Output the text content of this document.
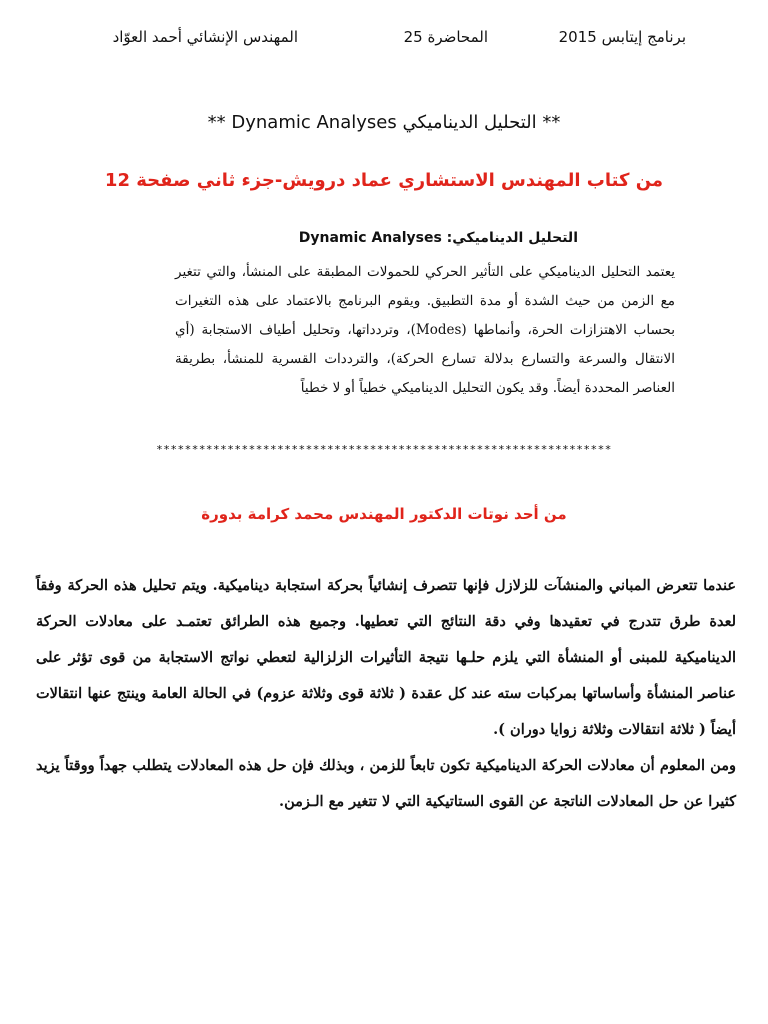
برنامج إيتابس 2015
المحاضرة 25
المهندس الإنشائي أحمد العوّاد
** التحليل الديناميكي Dynamic Analyses **
من كتاب المهندس الاستشاري عماد درويش-جزء ثاني صفحة 12
التحليل الديناميكي: Dynamic Analyses
يعتمد التحليل الديناميكي على التأثير الحركي للحمولات المطبقة على المنشأ، والتي تتغير مع الزمن من حيث الشدة أو مدة التطبيق. ويقوم البرنامج بالاعتماد على هذه التغيرات بحساب الاهتزازات الحرة، وأنماطها (Modes)، وتردداتها، وتحليل أطياف الاستجابة (أي الانتقال والسرعة والتسارع بدلالة تسارع الحركة)، والترددات القسرية للمنشأ، بطريقة العناصر المحددة أيضاً. وقد يكون التحليل الديناميكي خطياً أو لا خطياً
****************************************************************
من أحد نوتات الدكتور المهندس محمد كرامة بدورة

عندما تتعرض المباني والمنشآت للزلازل فإنها تتصرف إنشائياً بحركة استجابة ديناميكية. ويتم تحليل هذه الحركة وفقاً لعدة طرق تتدرج في تعقيدها وفي دقة النتائج التي تعطيها. وجميع هذه الطرائق تعتمـد على معادلات الحركة الديناميكية للمبنى أو المنشأة التي يلزم حلـها نتيجة التأثيرات الزلزالية لتعطي نواتج الاستجابة من قوى تؤثر على عناصر المنشأة وأساساتها بمركبات سته عند كل عقدة ( ثلاثة قوى وثلاثة عزوم) في الحالة العامة وينتج عنها انتقالات أيضاً ( ثلاثة انتقالات وثلاثة زوايا دوران ).

ومن المعلوم أن معادلات الحركة الديناميكية تكون تابعاً للزمن ، وبذلك فإن حل هذه المعادلات يتطلب جهداً ووقتاً يزيد كثيرا عن حل المعادلات الناتجة عن القوى الستاتيكية التي لا تتغير مع الـزمن.
